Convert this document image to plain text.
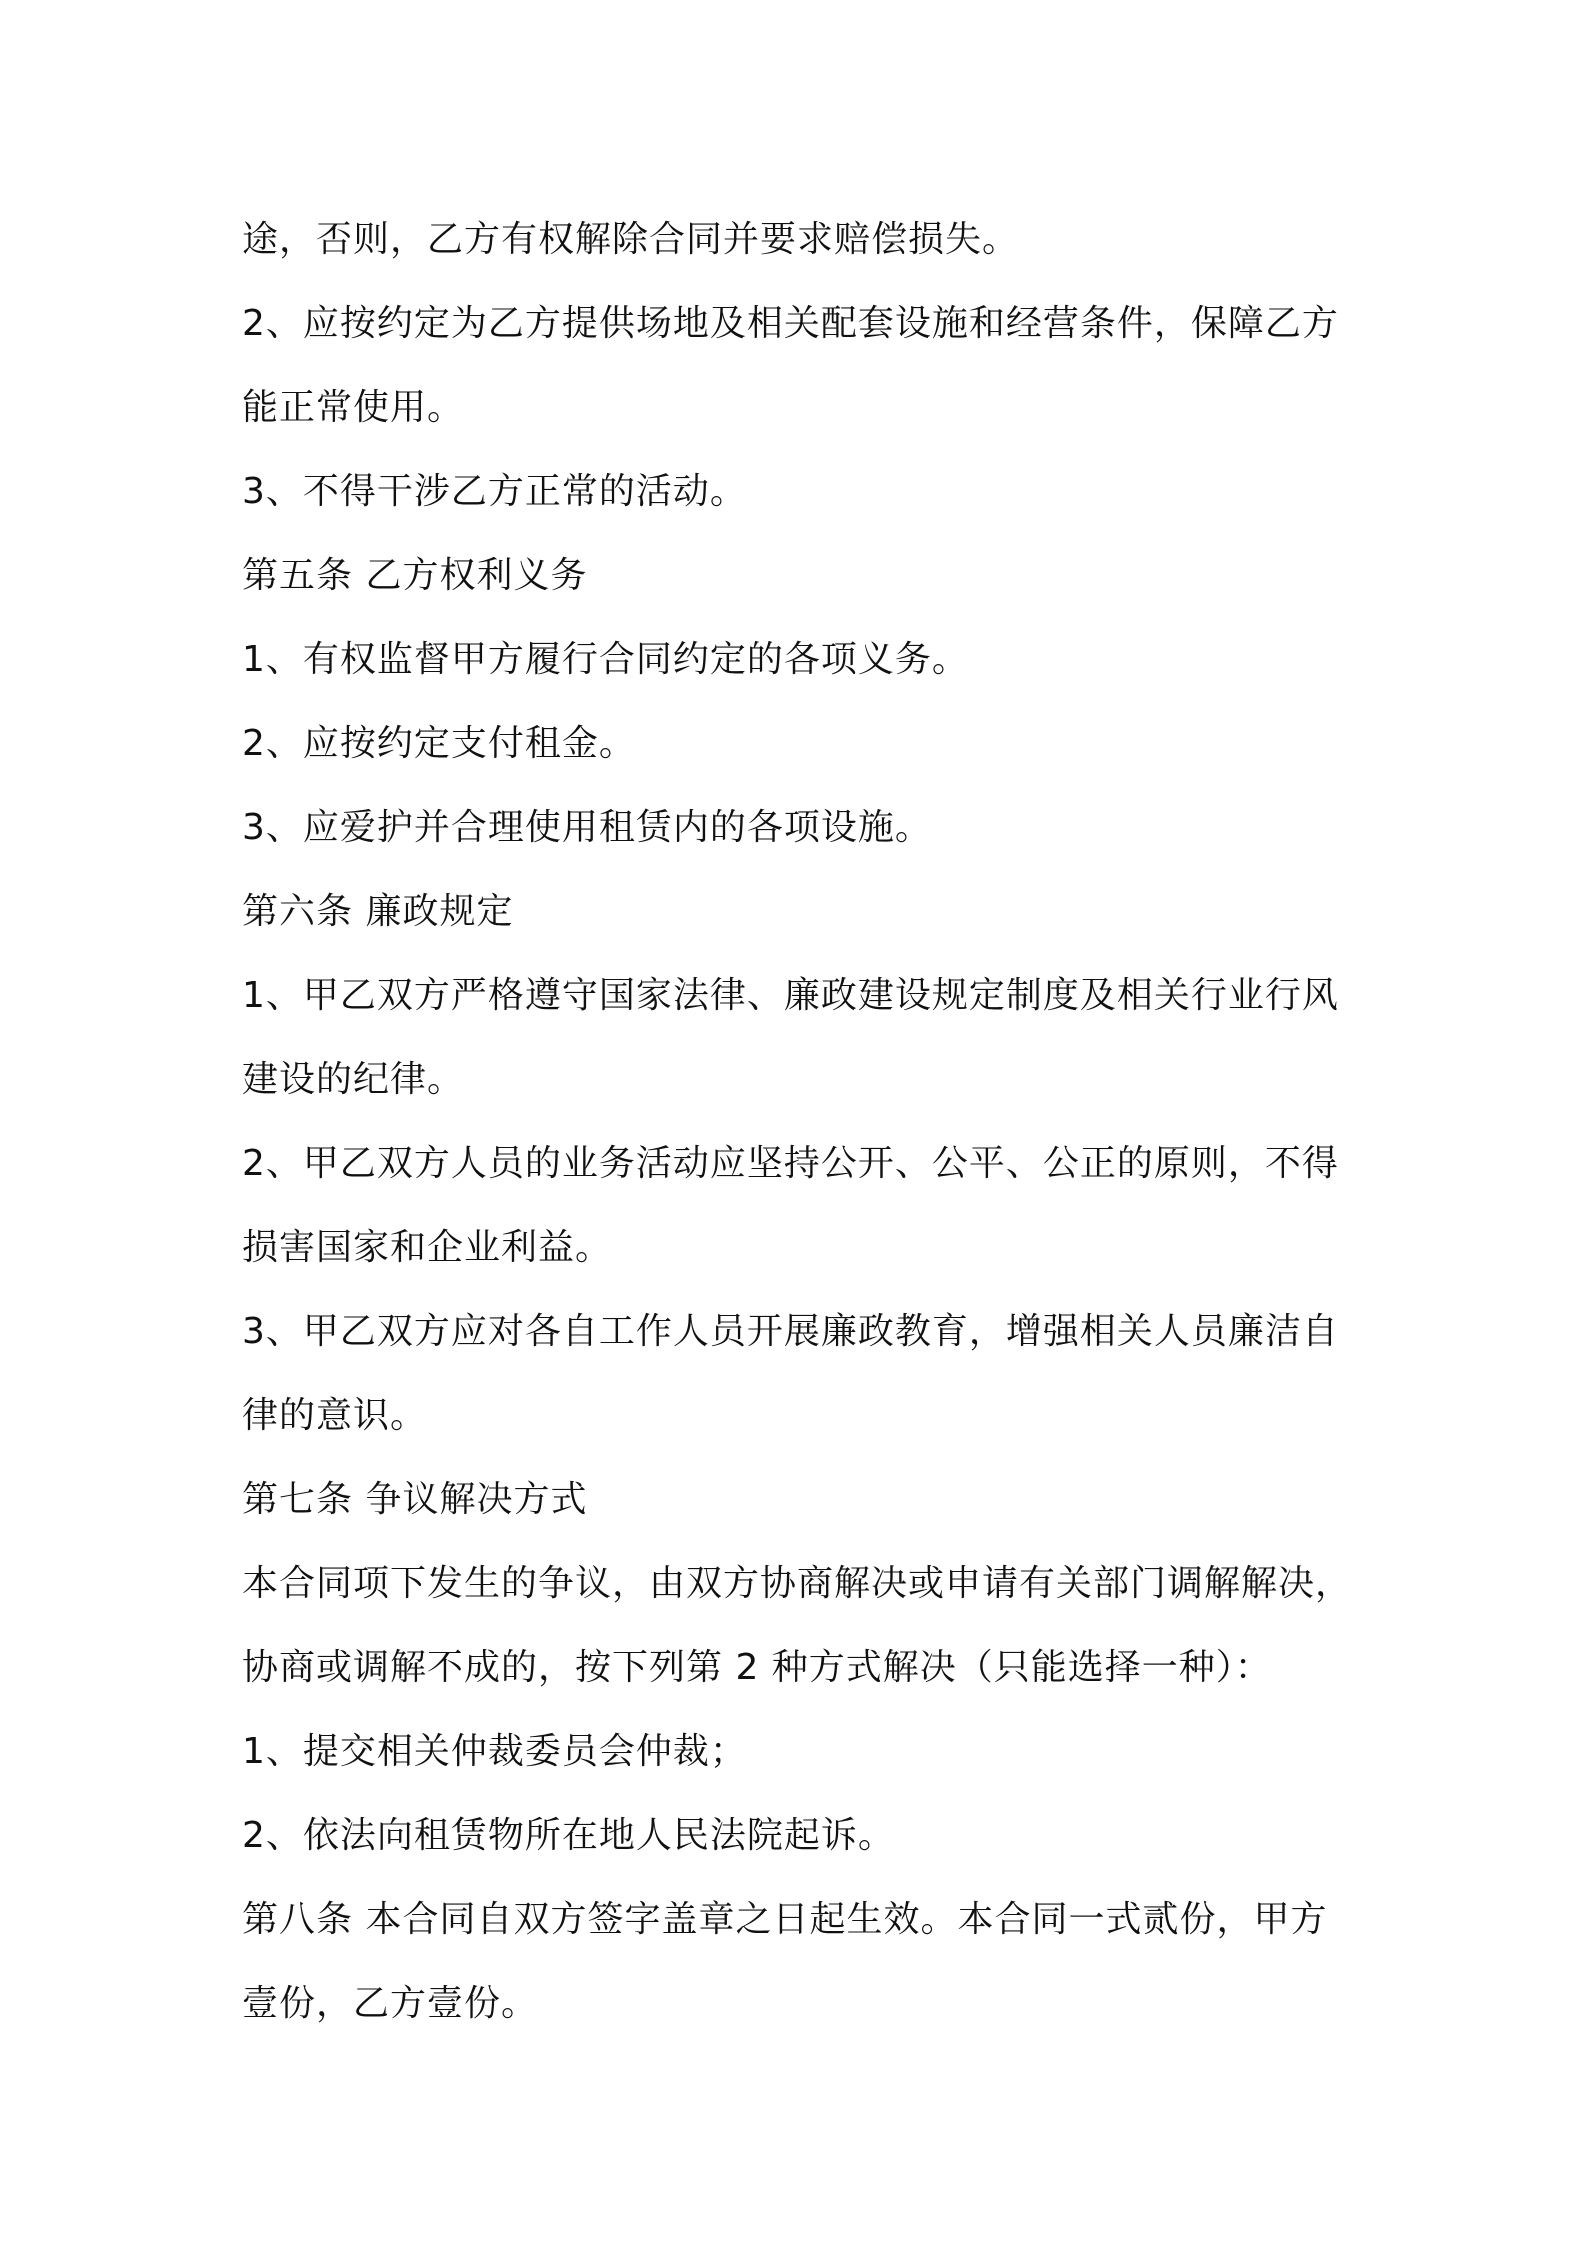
途，否则，乙方有权解除合同并要求赔偿损失。
2、应按约定为乙方提供场地及相关配套设施和经营条件，保障乙方
能正常使用。
3、不得干涉乙方正常的活动。
第五条 乙方权利义务
1、有权监督甲方履行合同约定的各项义务。
2、应按约定支付租金。
3、应爱护并合理使用租赁内的各项设施。
第六条 廉政规定
1、甲乙双方严格遵守国家法律、廉政建设规定制度及相关行业行风
建设的纪律。
2、甲乙双方人员的业务活动应坚持公开、公平、公正的原则，不得
损害国家和企业利益。
3、甲乙双方应对各自工作人员开展廉政教育，增强相关人员廉洁自
律的意识。
第七条 争议解决方式
本合同项下发生的争议，由双方协商解决或申请有关部门调解解决，
协商或调解不成的，按下列第 2 种方式解决（只能选择一种）：
1、提交相关仲裁委员会仲裁；
2、依法向租赁物所在地人民法院起诉。
第八条 本合同自双方签字盖章之日起生效。本合同一式贰份，甲方
壹份，乙方壹份。
